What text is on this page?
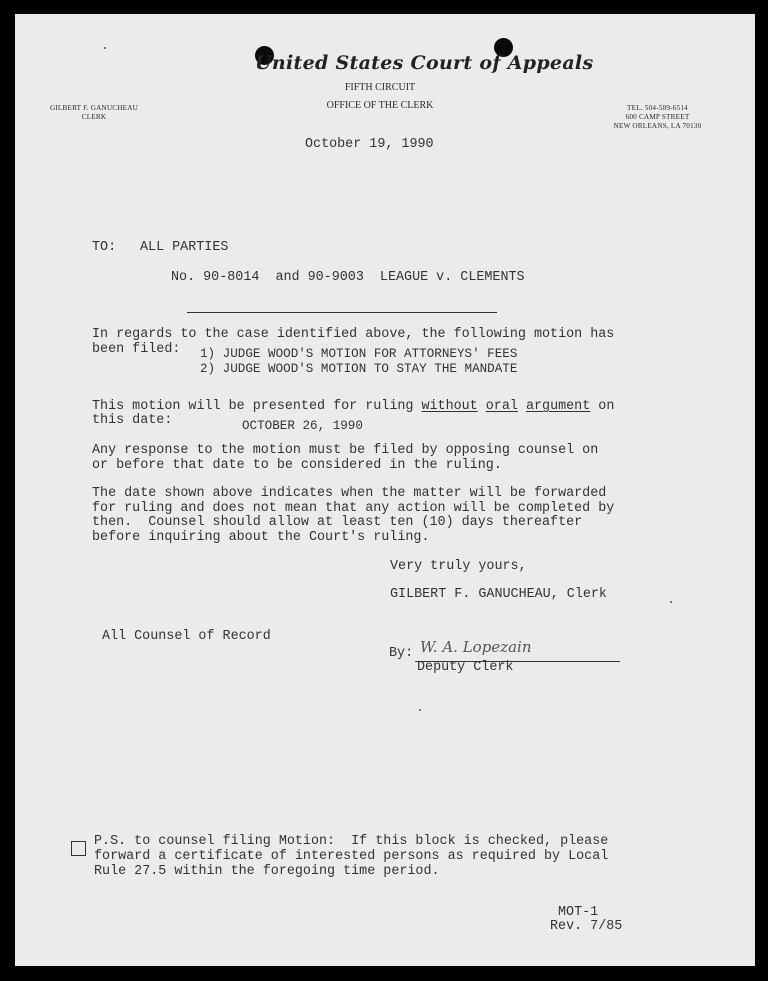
United States Court of Appeals
FIFTH CIRCUIT
OFFICE OF THE CLERK
GILBERT F. GANUCHEAU
CLERK
TEL. 504-589-6514
600 CAMP STREET
NEW ORLEANS, LA 70130
October 19, 1990
TO: ALL PARTIES
No. 90-8014  and 90-9003  LEAGUE v. CLEMENTS
In regards to the case identified above, the following motion has
been filed: 1) JUDGE WOOD'S MOTION FOR ATTORNEYS' FEES
2) JUDGE WOOD'S MOTION TO STAY THE MANDATE
This motion will be presented for ruling without oral argument on
this date:	OCTOBER 26, 1990
Any response to the motion must be filed by opposing counsel on
or before that date to be considered in the ruling.
The date shown above indicates when the matter will be forwarded
for ruling and does not mean that any action will be completed by
then.  Counsel should allow at least ten (10) days thereafter
before inquiring about the Court's ruling.
Very truly yours,
GILBERT F. GANUCHEAU, Clerk
All Counsel of Record
By: W. A. Lopezain
Deputy Clerk
P.S. to counsel filing Motion:  If this block is checked, please
forward a certificate of interested persons as required by Local
Rule 27.5 within the foregoing time period.
MOT-1
Rev. 7/85
